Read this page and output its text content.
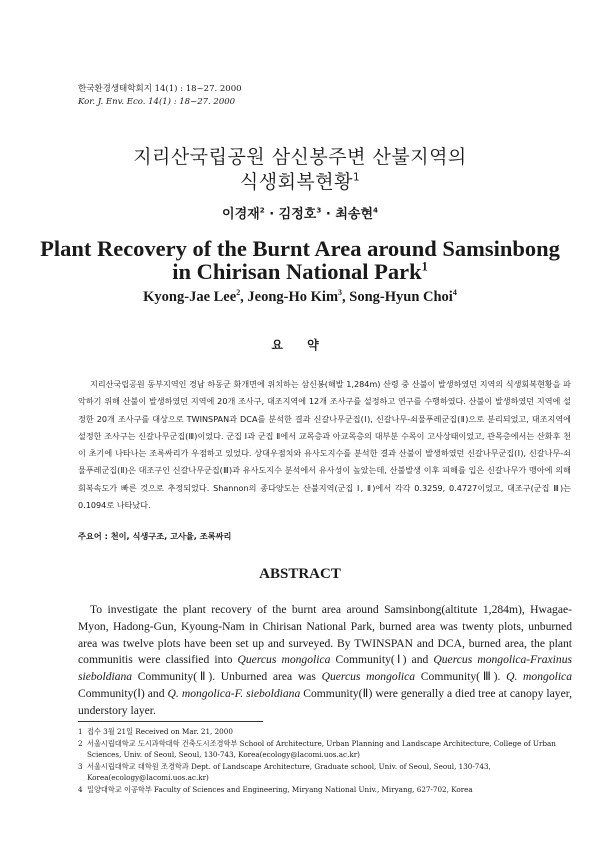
한국환경생태학회지 14(1) : 18~27. 2000
Kor. J. Env. Eco. 14(1) : 18~27. 2000
지리산국립공원 삼신봉주변 산불지역의
식생회복현황$^1$
이경재$^2$ · 김정호$^3$ · 최송현$^4$
Plant Recovery of the Burnt Area around Samsinbong
in Chirisan National Park$^1$
Kyong-Jae Lee$^2$, Jeong-Ho Kim$^3$, Song-Hyun Choi$^4$
요 약

지리산국립공원 동부지역인 경남 하동군 화개면에 위치하는 삼신봉(해발 1,284m) 산령 중 산불이 발생하였던 지역의 식생회복현황을 파악하기 위해 산불이 발생하였던 지역에 20개 조사구, 대조지역에 12개 조사구를 설정하고 연구를 수행하였다. 산불이 발생하였던 지역에 설정한 20개 조사구를 대상으로 TWINSPAN과 DCA를 분석한 결과 신갈나무군집(Ⅰ), 신갈나무-쇠물푸레군집(Ⅱ)으로 분리되었고, 대조지역에 설정한 조사구는 신갈나무군집(Ⅲ)이었다. 군집 Ⅰ과 군집 Ⅱ에서 교목층과 아교목층의 대부분 수목이 고사상태이었고, 관목층에서는 산화후 천이 초기에 나타나는 조록싸리가 우점하고 있었다. 상대우점치와 유사도지수를 분석한 결과 산불이 발생하였던 신갈나무군집(Ⅰ), 신갈나무-쇠물푸레군집(Ⅱ)은 대조구인 신갈나무군집(Ⅲ)과 유사도지수 분석에서 유사성이 높았는데, 산불발생 이후 피해를 입은 신갈나무가 맹아에 의해 회복속도가 빠른 것으로 추정되었다. Shannon의 종다양도는 산불지역(군집 Ⅰ, Ⅱ)에서 각각 0.3259, 0.4727이었고, 대조구(군집 Ⅲ)는 0.1094로 나타났다.

주요어 : 천이, 식생구조, 고사율, 조록싸리
ABSTRACT

To investigate the plant recovery of the burnt area around Samsinbong(altitute 1,284m), Hwagae-Myon, Hadong-Gun, Kyoung-Nam in Chirisan National Park, burned area was twenty plots, unburned area was twelve plots have been set up and surveyed. By TWINSPAN and DCA, burned area, the plant communitis were classified into Quercus mongolica Community(Ⅰ) and Quercus mongolica-Fraxinus sieboldiana Community(Ⅱ). Unburned area was Quercus mongolica Community(Ⅲ). Q. mongolica Community(Ⅰ) and Q. mongolica-F. sieboldiana Community(Ⅱ) were generally a died tree at canopy layer, understory layer.

1 접수 3월 21일 Received on Mar. 21, 2000
2 서울시립대학교 도시과학대학 건축도시조경학부 School of Architecture, Urban Planning and Landscape Architecture, College of Urban Sciences, Univ. of Seoul, Seoul, 130-743, Korea(ecology@lacomi.uos.ac.kr)
3 서울시립대학교 대학원 조경학과 Dept. of Landscape Architecture, Graduate school, Univ. of Seoul, Seoul, 130-743, Korea(ecology@lacomi.uos.ac.kr)
4 밀양대학교 이공학부 Faculty of Sciences and Engineering, Miryang National Univ., Miryang, 627-702, Korea
